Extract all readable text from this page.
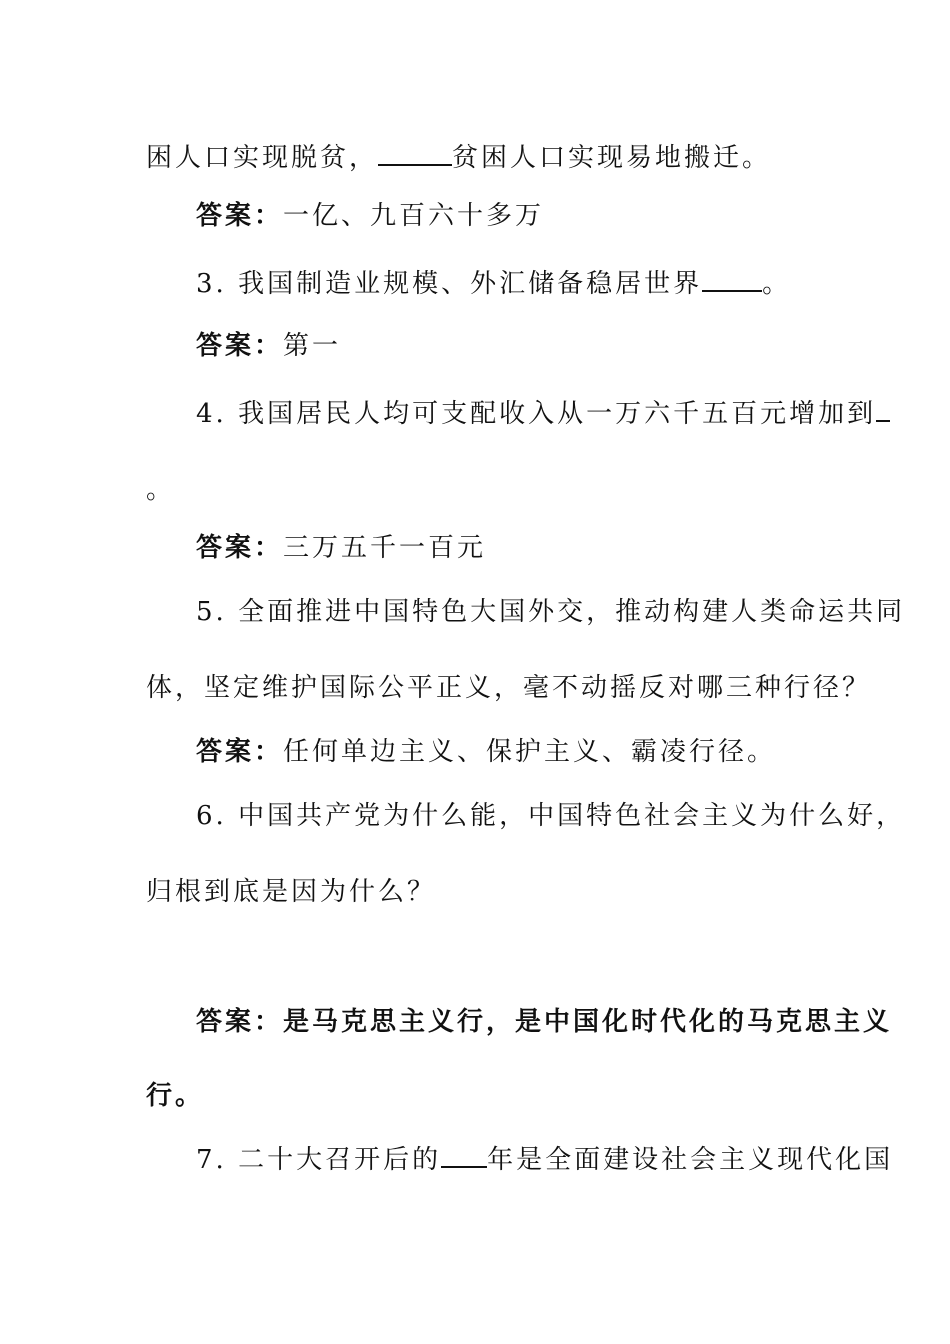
困人口实现脱贫，	贫困人口实现易地搬迁。
答案：一亿、九百六十多万
3. 我国制造业规模、外汇储备稳居世界 。
答案：第一
4. 我国居民人均可支配收入从一万六千五百元增加到
。
答案：三万五千一百元
5. 全面推进中国特色大国外交，推动构建人类命运共同
体，坚定维护国际公平正义，毫不动摇反对哪三种行径？
答案：任何单边主义、保护主义、霸凌行径。
6. 中国共产党为什么能，中国特色社会主义为什么好，
归根到底是因为什么？
答案：是马克思主义行，是中国化时代化的马克思主义
行。
7. 二十大召开后的 年是全面建设社会主义现代化国
